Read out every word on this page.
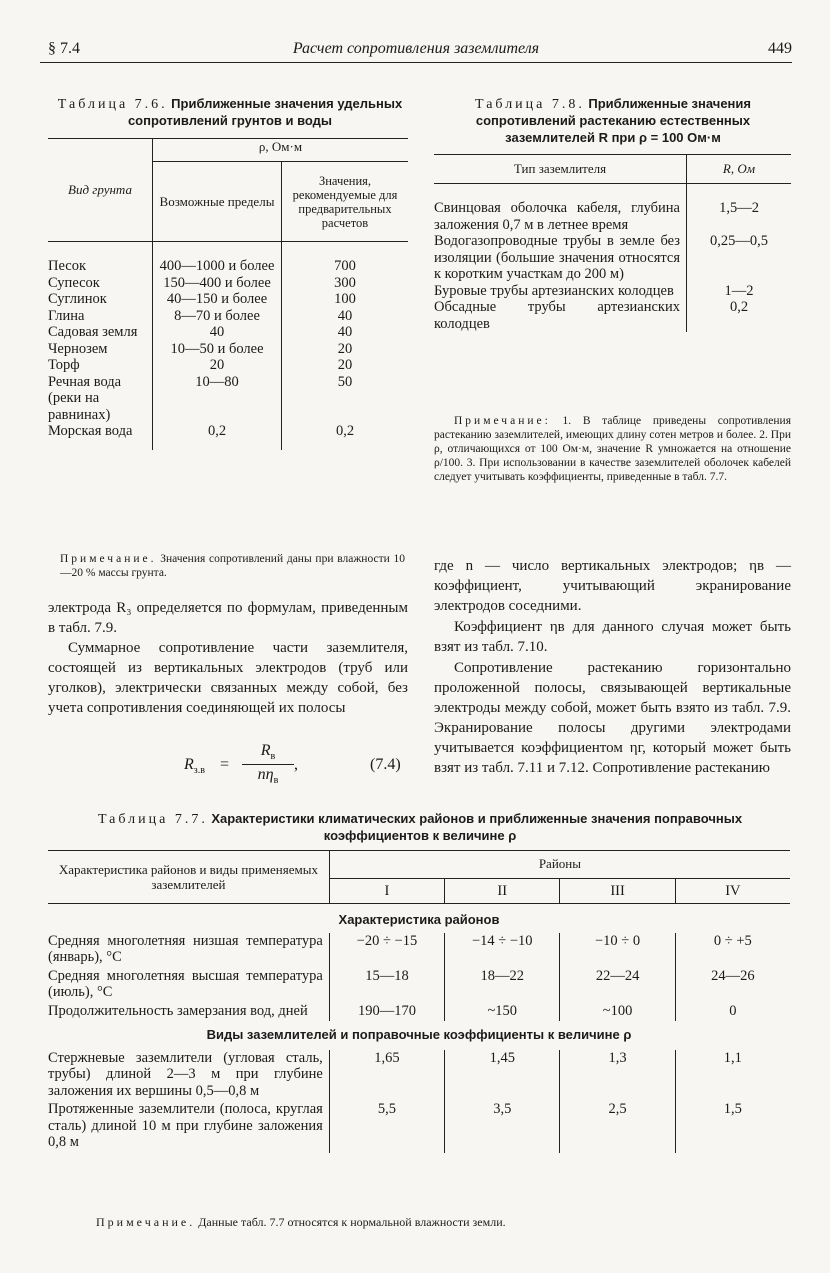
§ 7.4	Расчет сопротивления заземлителя	449
Таблица 7.6. Приближенные значения удельных сопротивлений грунтов и воды
Вид грунта	ρ, Ом·м	
	Возможные пределы	Значения, рекомендуемые для предварительных расчетов
Песок	400—1000 и более	700
Супесок	150—400 и более	300
Суглинок	40—150 и более	100
Глина	8—70 и более	40
Садовая земля	40	40
Чернозем	10—50 и более	20
Торф	20	20
Речная вода (реки на равнинах)	10—80	50
Морская вода	0,2	0,2
Примечание. Значения сопротивлений даны при влажности 10—20 % массы грунта.
электрода R₃ определяется по формулам, приведенным в табл. 7.9.
Суммарное сопротивление части заземлителя, состоящей из вертикальных электродов (труб или уголков), электрически связанных между собой, без учета сопротивления соединяющей их полосы
$R_{з.в}$ =
$R_в$
$n\eta_в$
,	(7.4)
Таблица 7.8. Приближенные значения сопротивлений растеканию естественных заземлителей R при ρ = 100 Ом·м
Тип заземлителя	R, Ом
Свинцовая оболочка кабеля, глубина заложения 0,7 м в летнее время	1,5—2
Водогазопроводные трубы в земле без изоляции (большие значения относятся к коротким участкам до 200 м)	0,25—0,5
Буровые трубы артезианских колодцев	1—2
Обсадные трубы артезианских колодцев	0,2
Примечание: 1. В таблице приведены сопротивления растеканию заземлителей, имеющих длину сотен метров и более. 2. При ρ, отличающихся от 100 Ом·м, значение R умножается на отношение ρ/100. 3. При использовании в качестве заземлителей оболочек кабелей следует учитывать коэффициенты, приведенные в табл. 7.7.
где n — число вертикальных электродов; ηв — коэффициент, учитывающий экранирование электродов соседними.
Коэффициент ηв для данного случая может быть взят из табл. 7.10.
Сопротивление растеканию горизонтально проложенной полосы, связывающей вертикальные электроды между собой, может быть взято из табл. 7.9. Экранирование полосы другими электродами учитывается коэффициентом ηг, который может быть взят из табл. 7.11 и 7.12. Сопротивление растеканию
Таблица 7.7. Характеристики климатических районов и приближенные значения поправочных коэффициентов к величине ρ
Характеристика районов и виды применяемых заземлителей	Районы			
	I	II	III	IV
Характеристика районов				
Средняя многолетняя низшая температура (январь), °C	−20 ÷ −15	−14 ÷ −10	−10 ÷ 0	0 ÷ +5
Средняя многолетняя высшая температура (июль), °C	15—18	18—22	22—24	24—26
Продолжительность замерзания вод, дней	190—170	~150	~100	0
Виды заземлителей и поправочные коэффициенты к величине ρ				
Стержневые заземлители (угловая сталь, трубы) длиной 2—3 м при глубине заложения их вершины 0,5—0,8 м	1,65	1,45	1,3	1,1
Протяженные заземлители (полоса, круглая сталь) длиной 10 м при глубине заложения 0,8 м	5,5	3,5	2,5	1,5
Примечание. Данные табл. 7.7 относятся к нормальной влажности земли.
